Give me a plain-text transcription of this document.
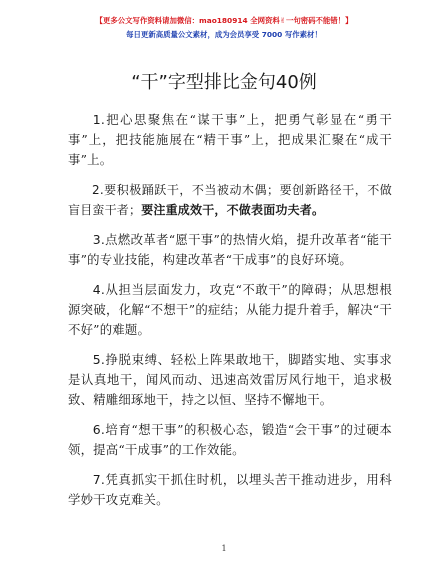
【更多公文写作资料请加微信：mao180914 全网资料✌一句密码不能错！】
每日更新高质量公文素材，成为会员享受 7000 写作素材！
“干”字型排比金句40例

1.把心思聚焦在“谋干事”上，把勇气彰显在“勇干事”上，把技能施展在“精干事”上，把成果汇聚在“成干事”上。

2.要积极踊跃干，不当被动木偶；要创新路径干，不做盲目蛮干者；要注重成效干，不做表面功夫者。

3.点燃改革者“愿干事”的热情火焰，提升改革者“能干事”的专业技能，构建改革者“干成事”的良好环境。

4.从担当层面发力，攻克“不敢干”的障碍；从思想根源突破，化解“不想干”的症结；从能力提升着手，解决“干不好”的难题。

5.挣脱束缚、轻松上阵果敢地干，脚踏实地、实事求是认真地干，闻风而动、迅速高效雷厉风行地干，追求极致、精雕细琢地干，持之以恒、坚持不懈地干。

6.培育“想干事”的积极心态，锻造“会干事”的过硬本领，提高“干成事”的工作效能。

7.凭真抓实干抓住时机，以埋头苦干推动进步，用科学妙干攻克难关。

1
